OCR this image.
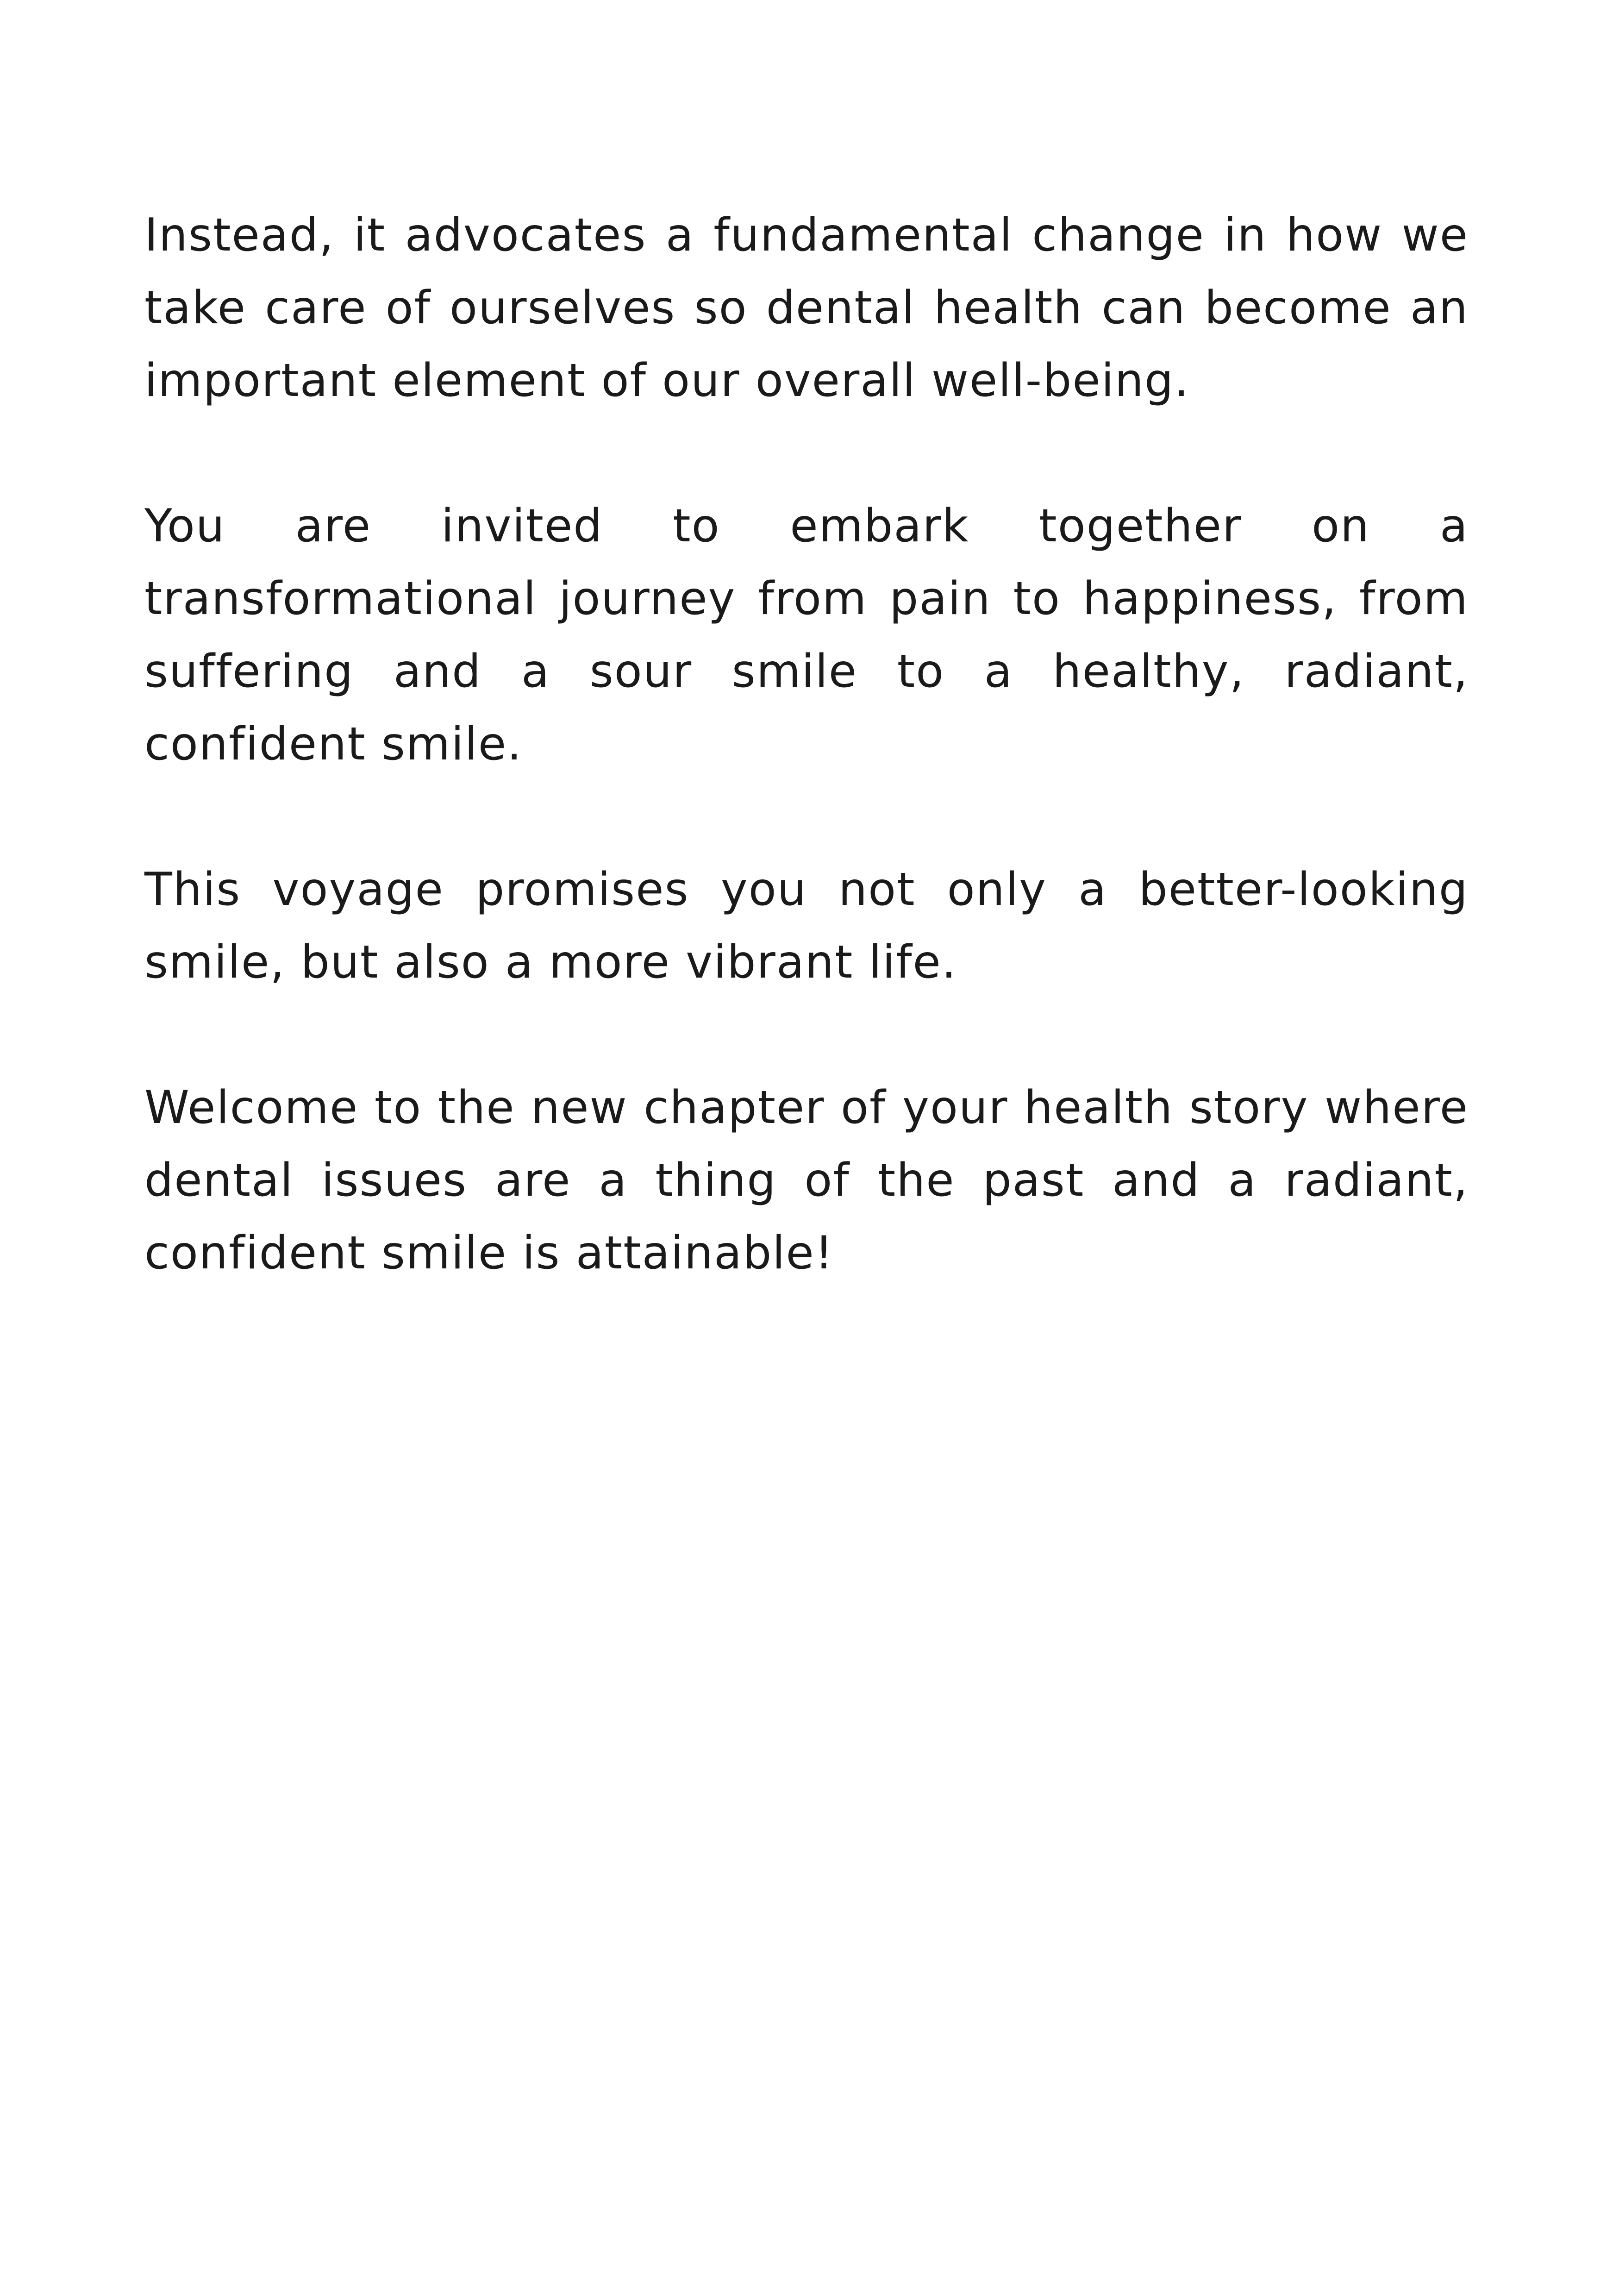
Instead, it advocates a fundamental change in how we take care of ourselves so dental health can become an important element of our overall well-being.

You are invited to embark together on a transformational journey from pain to happiness, from suffering and a sour smile to a healthy, radiant, confident smile.

This voyage promises you not only a better-looking smile, but also a more vibrant life.

Welcome to the new chapter of your health story where dental issues are a thing of the past and a radiant, confident smile is attainable!
